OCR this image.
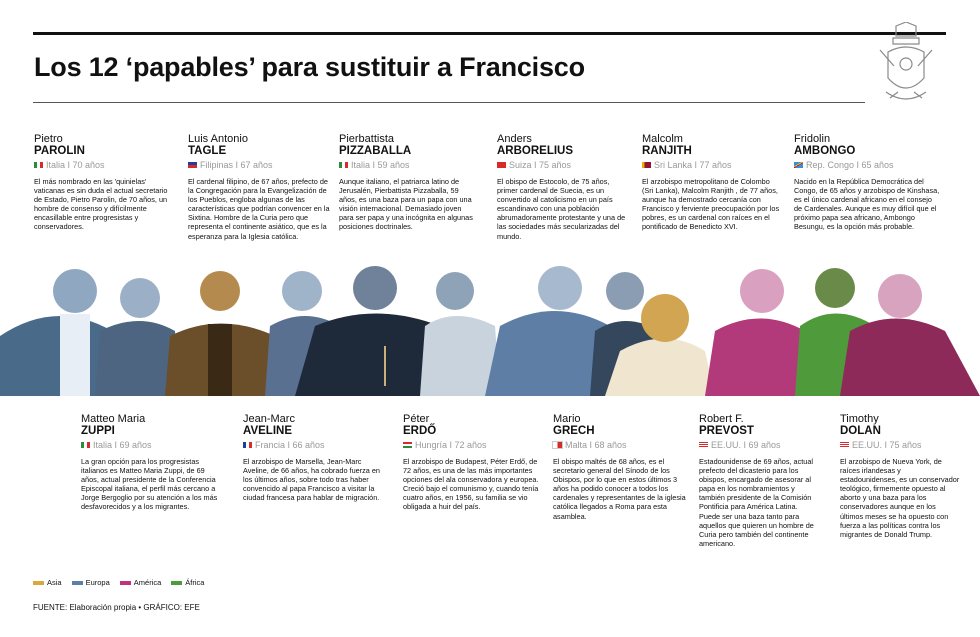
Los 12 ‘papables’ para sustituir a Francisco
Pietro
PAROLIN
Italia I 70 años
El más nombrado en las 'quinielas' vaticanas es sin duda el actual secretario de Estado, Pietro Parolin, de 70 años, un hombre de consenso y difícilmente encasillable entre progresistas y conservadores.
Luis Antonio
TAGLE
Filipinas I 67 años
El cardenal filipino, de 67 años, prefecto de la Congregación para la Evangelización de los Pueblos, engloba algunas de las características que podrían convencer en la Sixtina. Hombre de la Curia pero que representa el continente asiático, que es la esperanza para la Iglesia católica.
Pierbattista
PIZZABALLA
Italia I 59 años
Aunque italiano, el patriarca latino de Jerusalén, Pierbattista Pizzaballa, 59 años, es una baza para un papa con una visión internacional. Demasiado joven para ser papa y una incógnita en algunas posiciones doctrinales.
Anders
ARBORELIUS
Suiza I 75 años
El obispo de Estocolo, de 75 años, primer cardenal de Suecia, es un convertido al catolicismo en un país escandinavo con una población abrumadoramente protestante y una de las sociedades más secularizadas del mundo.
Malcolm
RANJITH
Sri Lanka I 77 años
El arzobispo metropolitano de Colombo (Sri Lanka), Malcolm Ranjith , de 77 años, aunque ha demostrado cercanía con Francisco y ferviente preocupación por los pobres, es un cardenal con raíces en el pontificado de Benedicto XVI.
Fridolin
AMBONGO
Rep. Congo I 65 años
Nacido en la República Democrática del Congo, de 65 años y arzobispo de Kinshasa, es el único cardenal africano en el consejo de Cardenales. Aunque es muy difícil que el próximo papa sea africano, Ambongo Besungu, es la opción más probable.
Matteo Maria
ZUPPI
Italia I 69 años
La gran opción para los progresistas italianos es Matteo Maria Zuppi, de 69 años, actual presidente de la Conferencia Episcopal italiana, el perfil más cercano a Jorge Bergoglio por su atención a los más desfavorecidos y a los migrantes.
Jean-Marc
AVELINE
Francia I 66 años
El arzobispo de Marsella, Jean-Marc Aveline, de 66 años, ha cobrado fuerza en los últimos años, sobre todo tras haber convencido al papa Francisco a visitar la ciudad francesa para hablar de migración.
Péter
ERDŐ
Hungría I 72 años
El arzobispo de Budapest, Péter Erdő, de 72 años, es una de las más importantes opciones del ala conservadora y europea. Creció bajo el comunismo y, cuando tenía cuatro años, en 1956, su familia se vio obligada a huir del país.
Mario
GRECH
Malta I 68 años
El obispo maltés de 68 años, es el secretario general del Sínodo de los Obispos, por lo que en estos últimos 3 años ha podido conocer a todos los cardenales y representantes de la iglesia católica llegados a Roma para esta asamblea.
Robert F.
PREVOST
EE.UU. I 69 años
Estadounidense de 69 años, actual prefecto del dicasterio para los obispos, encargado de asesorar al papa en los nombramientos y también presidente de la Comisión Pontificia para América Latina. Puede ser una baza tanto para aquellos que quieren un hombre de Curia pero también del continente americano.
Timothy
DOLAN
EE.UU. I 75 años
El arzobispo de Nueva York, de raíces irlandesas y estadounidenses, es un conservador teológico, firmemente opuesto al aborto y una baza para los conservadores aunque en los últimos meses se ha opuesto con fuerza a las políticas contra los migrantes de Donald Trump.
Asia	Europa	América	África
FUENTE: Elaboración propia • GRÁFICO: EFE
